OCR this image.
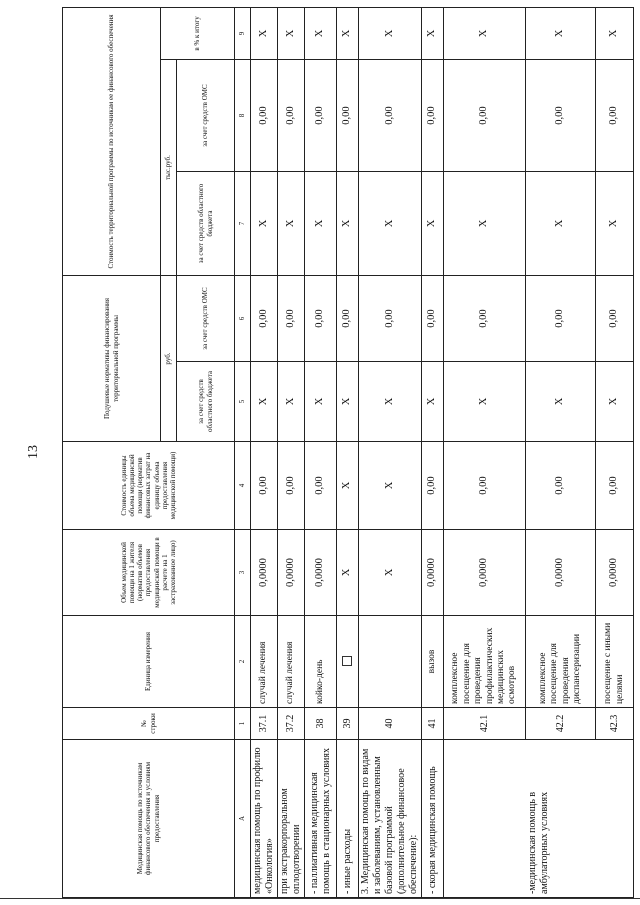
13
Медицинская помощь по источникам финансового обеспечения и условиям предоставления	№ строки	Единица измерения	Объем медицинской помощи на 1 жителя (норматив объемов предоставления медицинской помощи в расчете на 1 застрахованное лицо)	Стоимость единицы объема медицинской помощи (норматив финансовых затрат на единицу объема предоставления медицинской помощи)	Подушевые нормативы финансирования территориальной программы		Стоимость территориальной программы по источникам ее финансового обеспечения		
					руб.		тыс.руб.		в % к итогу
					за счет средств областного бюджета	за счет средств ОМС	за счет средств областного бюджета	за счет средств ОМС	
А	1	2	3	4	5	6	7	8	9
медицинская помощь по профилю «Онкология»	37.1	случай лечения	0,0000	0,00	X	0,00	X	0,00	X
при экстракорпоральном оплодотворении	37.2	случай лечения	0,0000	0,00	X	0,00	X	0,00	X
- паллиативная медицинская помощь в стационарных условиях	38	койко-день	0,0000	0,00	X	0,00	X	0,00	X
- иные расходы	39		X	X	X	0,00	X	0,00	X
3. Медицинская помощь по видам и заболеваниям, установленным базовой программой (дополнительное финансовое обеспечение):	40		X	X	X	0,00	X	0,00	X
- скорая медицинская помощь	41	вызов	0,0000	0,00	X	0,00	X	0,00	X
-медицинская помощь в амбулаторных условиях	42.1	комплексное посещение для проведения профилактических медицинских осмотров	0,0000	0,00	X	0,00	X	0,00	X
	42.2	комплексное посещение для проведения диспансеризации	0,0000	0,00	X	0,00	X	0,00	X
	42.3	посещение с иными целями	0,0000	0,00	X	0,00	X	0,00	X
